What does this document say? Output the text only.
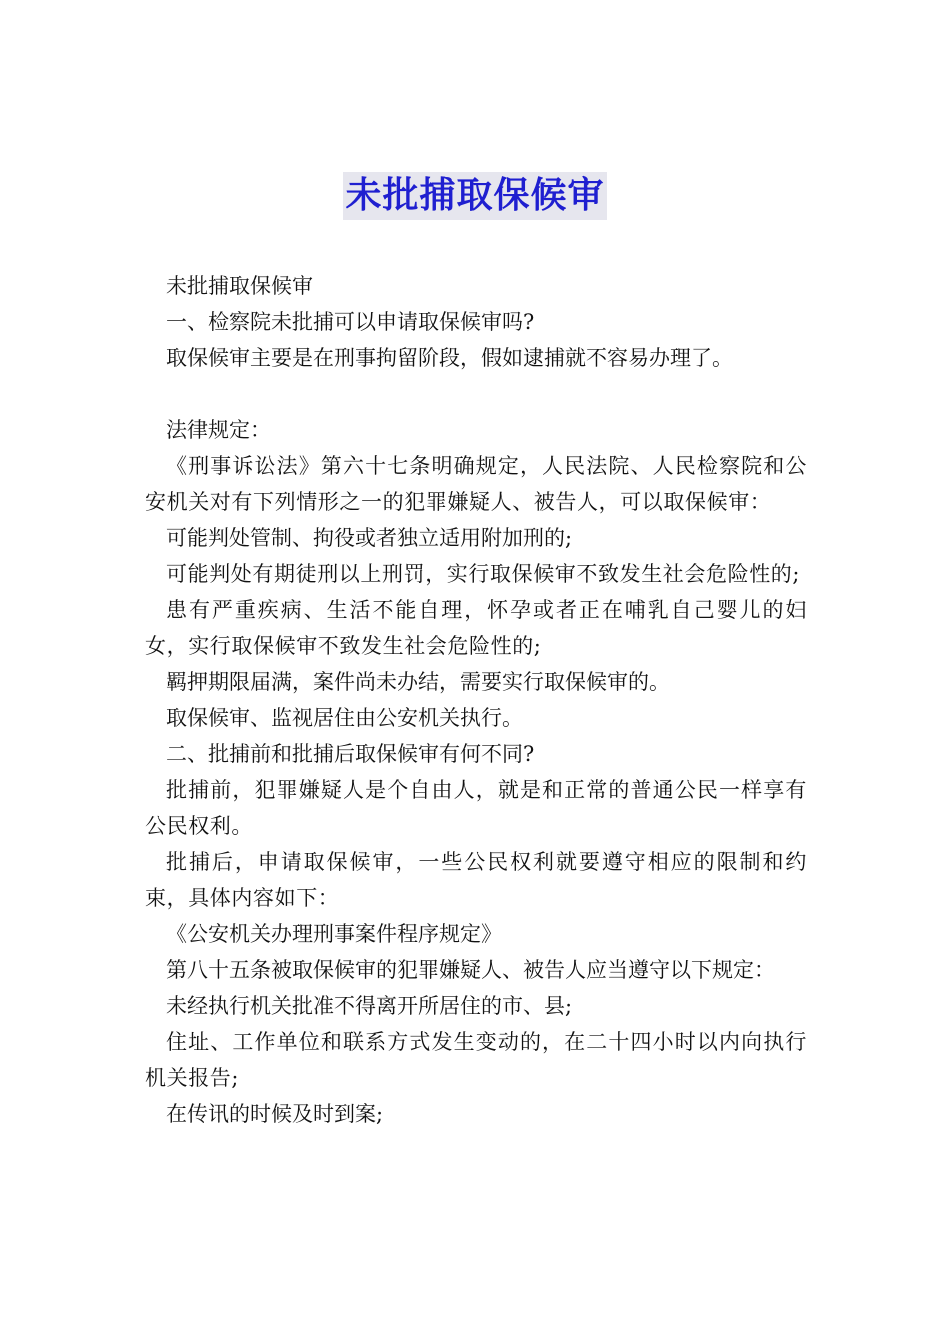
未批捕取保候审

未批捕取保候审

一、检察院未批捕可以申请取保候审吗?

取保候审主要是在刑事拘留阶段，假如逮捕就不容易办理了。

法律规定：

《刑事诉讼法》第六十七条明确规定，人民法院、人民检察院和公安机关对有下列情形之一的犯罪嫌疑人、被告人，可以取保候审：

可能判处管制、拘役或者独立适用附加刑的;

可能判处有期徒刑以上刑罚，实行取保候审不致发生社会危险性的;

患有严重疾病、生活不能自理，怀孕或者正在哺乳自己婴儿的妇女，实行取保候审不致发生社会危险性的;

羁押期限届满，案件尚未办结，需要实行取保候审的。

取保候审、监视居住由公安机关执行。

二、批捕前和批捕后取保候审有何不同?

批捕前，犯罪嫌疑人是个自由人，就是和正常的普通公民一样享有公民权利。

批捕后，申请取保候审，一些公民权利就要遵守相应的限制和约束，具体内容如下：

《公安机关办理刑事案件程序规定》

第八十五条被取保候审的犯罪嫌疑人、被告人应当遵守以下规定：

未经执行机关批准不得离开所居住的市、县;

住址、工作单位和联系方式发生变动的，在二十四小时以内向执行机关报告;

在传讯的时候及时到案;
